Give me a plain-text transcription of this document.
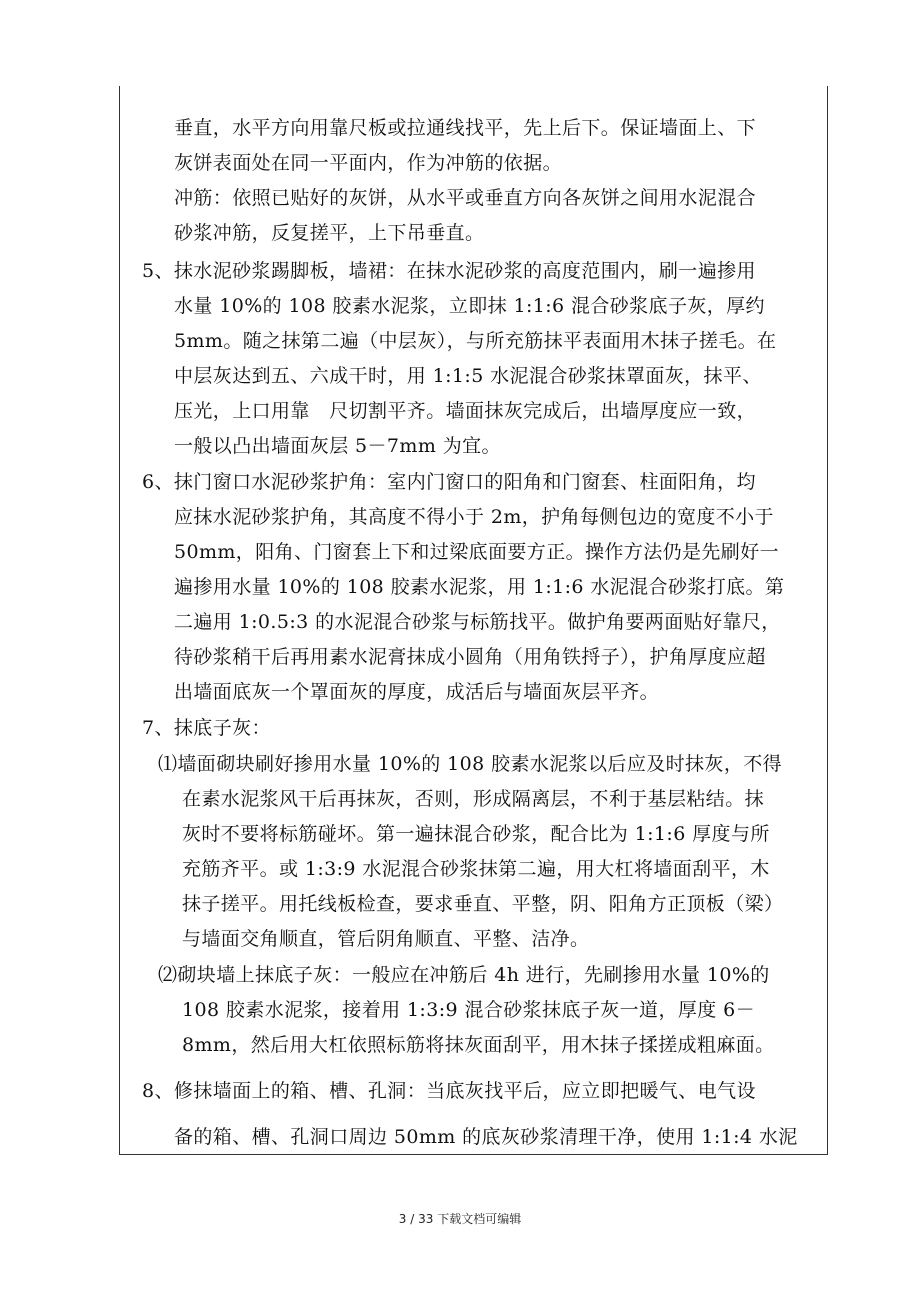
垂直，水平方向用靠尺板或拉通线找平，先上后下。保证墙面上、下
灰饼表面处在同一平面内，作为冲筋的依据。
冲筋：依照已贴好的灰饼，从水平或垂直方向各灰饼之间用水泥混合
砂浆冲筋，反复搓平，上下吊垂直。
5、抹水泥砂浆踢脚板，墙裙：在抹水泥砂浆的高度范围内，刷一遍掺用
水量 10%的 108 胶素水泥浆，立即抹 1:1:6 混合砂浆底子灰，厚约
5mm。随之抹第二遍（中层灰），与所充筋抹平表面用木抹子搓毛。在
中层灰达到五、六成干时，用 1:1:5 水泥混合砂浆抹罩面灰，抹平、
压光，上口用靠　尺切割平齐。墙面抹灰完成后，出墙厚度应一致，
一般以凸出墙面灰层 5－7mm 为宜。
6、抹门窗口水泥砂浆护角：室内门窗口的阳角和门窗套、柱面阳角，均
应抹水泥砂浆护角，其高度不得小于 2m，护角每侧包边的宽度不小于
50mm，阳角、门窗套上下和过梁底面要方正。操作方法仍是先刷好一
遍掺用水量 10%的 108 胶素水泥浆，用 1:1:6 水泥混合砂浆打底。第
二遍用 1:0.5:3 的水泥混合砂浆与标筋找平。做护角要两面贴好靠尺，
待砂浆稍干后再用素水泥膏抹成小圆角（用角铁捋子），护角厚度应超
出墙面底灰一个罩面灰的厚度，成活后与墙面灰层平齐。
7、抹底子灰：
⑴墙面砌块刷好掺用水量 10%的 108 胶素水泥浆以后应及时抹灰，不得
在素水泥浆风干后再抹灰，否则，形成隔离层，不利于基层粘结。抹
灰时不要将标筋碰坏。第一遍抹混合砂浆，配合比为 1:1:6 厚度与所
充筋齐平。或 1:3:9 水泥混合砂浆抹第二遍，用大杠将墙面刮平，木
抹子搓平。用托线板检查，要求垂直、平整，阴、阳角方正顶板（梁）
与墙面交角顺直，管后阴角顺直、平整、洁净。
⑵砌块墙上抹底子灰：一般应在冲筋后 4h 进行，先刷掺用水量 10%的
108 胶素水泥浆，接着用 1:3:9 混合砂浆抹底子灰一道，厚度 6－
8mm，然后用大杠依照标筋将抹灰面刮平，用木抹子揉搓成粗麻面。
8、修抹墙面上的箱、槽、孔洞：当底灰找平后，应立即把暖气、电气设
备的箱、槽、孔洞口周边 50mm 的底灰砂浆清理干净，使用 1:1:4 水泥
3 / 33 下载文档可编辑
